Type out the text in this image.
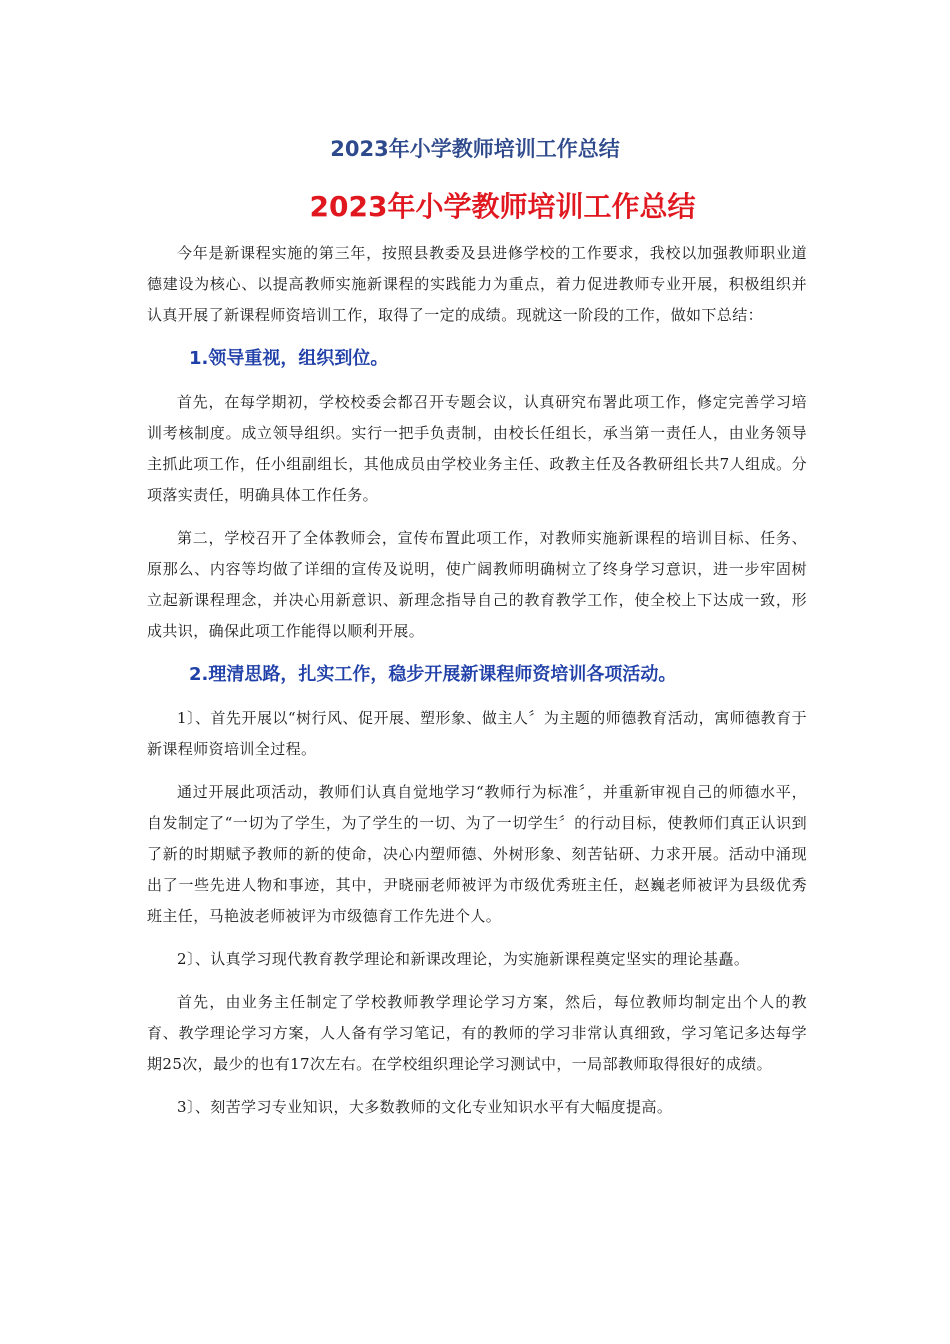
2023年小学教师培训工作总结
2023年小学教师培训工作总结

今年是新课程实施的第三年，按照县教委及县进修学校的工作要求，我校以加强教师职业道德建设为核心、以提高教师实施新课程的实践能力为重点，着力促进教师专业开展，积极组织并认真开展了新课程师资培训工作，取得了一定的成绩。现就这一阶段的工作，做如下总结：

1.领导重视，组织到位。

首先，在每学期初，学校校委会都召开专题会议，认真研究布署此项工作，修定完善学习培训考核制度。成立领导组织。实行一把手负责制，由校长任组长，承当第一责任人，由业务领导主抓此项工作，任小组副组长，其他成员由学校业务主任、政教主任及各教研组长共7人组成。分项落实责任，明确具体工作任务。

第二，学校召开了全体教师会，宣传布置此项工作，对教师实施新课程的培训目标、任务、原那么、内容等均做了详细的宣传及说明，使广阔教师明确树立了终身学习意识，进一步牢固树立起新课程理念，并决心用新意识、新理念指导自己的教育教学工作，使全校上下达成一致，形成共识，确保此项工作能得以顺利开展。

2.理清思路，扎实工作，稳步开展新课程师资培训各项活动。

1〕、首先开展以“树行风、促开展、塑形象、做主人〞为主题的师德教育活动，寓师德教育于新课程师资培训全过程。

通过开展此项活动，教师们认真自觉地学习“教师行为标准〞，并重新审视自己的师德水平，自发制定了“一切为了学生，为了学生的一切、为了一切学生〞的行动目标，使教师们真正认识到了新的时期赋予教师的新的使命，决心内塑师德、外树形象、刻苦钻研、力求开展。活动中涌现出了一些先进人物和事迹，其中，尹晓丽老师被评为市级优秀班主任，赵巍老师被评为县级优秀班主任，马艳波老师被评为市级德育工作先进个人。

2〕、认真学习现代教育教学理论和新课改理论，为实施新课程奠定坚实的理论基矗。

首先，由业务主任制定了学校教师教学理论学习方案，然后，每位教师均制定出个人的教育、教学理论学习方案，人人备有学习笔记，有的教师的学习非常认真细致，学习笔记多达每学期25次，最少的也有17次左右。在学校组织理论学习测试中，一局部教师取得很好的成绩。

3〕、刻苦学习专业知识，大多数教师的文化专业知识水平有大幅度提高。
